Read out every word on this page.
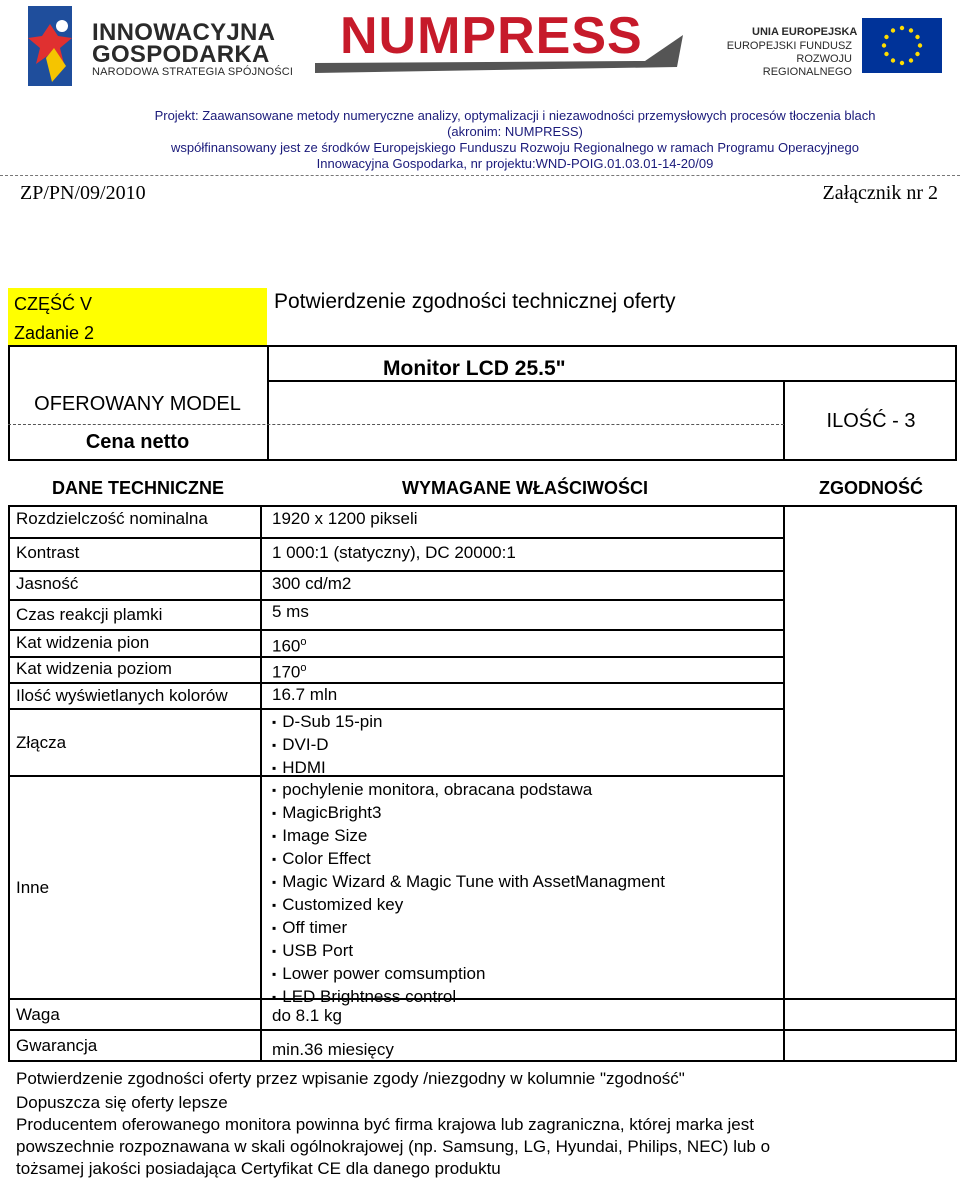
INNOWACYJNA
GOSPODARKA
NARODOWA STRATEGIA SPÓJNOŚCI
NUMPRESS	UNIA EUROPEJSKA
EUROPEJSKI FUNDUSZ
ROZWOJU REGIONALNEGO
Projekt: Zaawansowane metody numeryczne analizy, optymalizacji i niezawodności przemysłowych procesów tłoczenia blach
(akronim: NUMPRESS)
współfinansowany jest ze środków Europejskiego Funduszu Rozwoju Regionalnego w ramach Programu Operacyjnego
Innowacyjna Gospodarka, nr projektu:WND-POIG.01.03.01-14-20/09
ZP/PN/09/2010	Załącznik nr 2
CZĘŚĆ V
Zadanie 2
Potwierdzenie zgodności technicznej oferty
Monitor LCD 25.5"
OFEROWANY MODEL
Cena netto
ILOŚĆ - 3
DANE TECHNICZNE	WYMAGANE WŁAŚCIWOŚCI	ZGODNOŚĆ
Rozdzielczość nominalna	1920 x 1200 pikseli
Kontrast	1 000:1 (statyczny), DC 20000:1
Jasność	300 cd/m2
Czas reakcji plamki	5 ms
Kat widzenia pion	160$^o$
Kat widzenia poziom	170$^o$
Ilość wyświetlanych kolorów	16.7 mln
Złącza
▪ D-Sub 15-pin
▪ DVI-D
▪ HDMI
Inne
▪ pochylenie monitora, obracana podstawa
▪ MagicBright3
▪ Image Size
▪ Color Effect
▪ Magic Wizard & Magic Tune with AssetManagment
▪ Customized key
▪ Off timer
▪ USB Port
▪ Lower power comsumption
▪ LED Brightness control
Waga	do 8.1 kg
Gwarancja	min.36 miesięcy
Potwierdzenie zgodności oferty przez wpisanie zgody /niezgodny w kolumnie "zgodność"
Dopuszcza się oferty lepsze
Producentem oferowanego monitora powinna być firma krajowa lub zagraniczna, której marka jest
powszechnie rozpoznawana w skali ogólnokrajowej (np. Samsung, LG, Hyundai, Philips, NEC) lub o
tożsamej jakości posiadająca Certyfikat CE dla danego produktu
